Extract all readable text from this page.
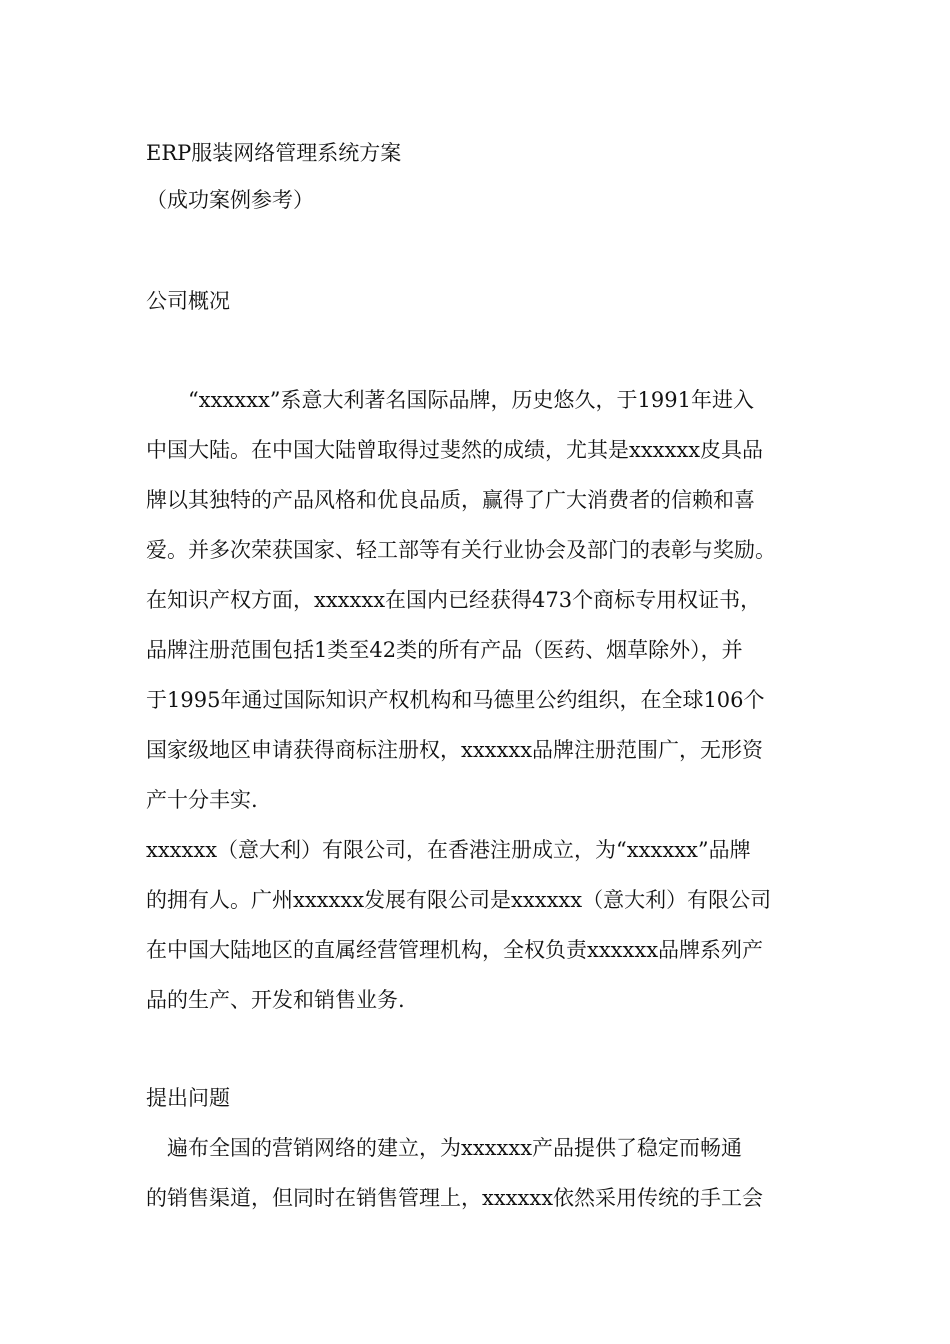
ERP服装网络管理系统方案
（成功案例参考）
公司概况
“xxxxxx”系意大利著名国际品牌，历史悠久，于1991年进入
中国大陆。在中国大陆曾取得过斐然的成绩，尤其是xxxxxx皮具品
牌以其独特的产品风格和优良品质，赢得了广大消费者的信赖和喜
爱。并多次荣获国家、轻工部等有关行业协会及部门的表彰与奖励。
在知识产权方面，xxxxxx在国内已经获得473个商标专用权证书，
品牌注册范围包括1类至42类的所有产品（医药、烟草除外），并
于1995年通过国际知识产权机构和马德里公约组织，在全球106个
国家级地区申请获得商标注册权，xxxxxx品牌注册范围广，无形资
产十分丰实.
xxxxxx（意大利）有限公司，在香港注册成立，为“xxxxxx”品牌
的拥有人。广州xxxxxx发展有限公司是xxxxxx（意大利）有限公司
在中国大陆地区的直属经营管理机构，全权负责xxxxxx品牌系列产
品的生产、开发和销售业务.
提出问题
遍布全国的营销网络的建立，为xxxxxx产品提供了稳定而畅通
的销售渠道，但同时在销售管理上，xxxxxx依然采用传统的手工会
